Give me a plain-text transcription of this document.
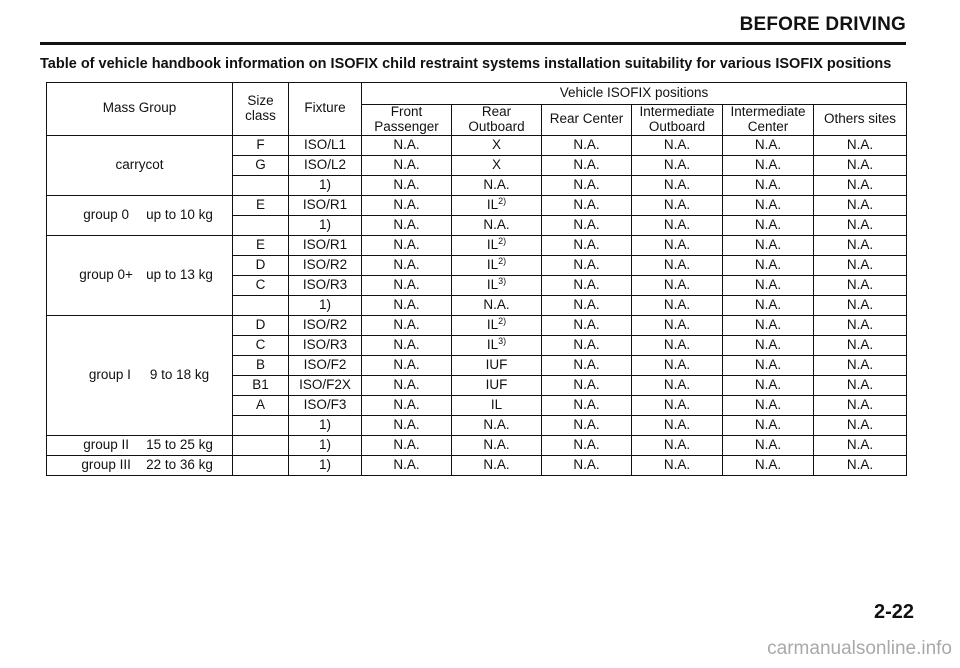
BEFORE DRIVING
Table of vehicle handbook information on ISOFIX child restraint systems installation suitability for various ISOFIX positions
Mass Group	Size class	Fixture	Vehicle ISOFIX positions					
			Front Passenger	Rear Outboard	Rear Center	Intermediate Outboard	Intermediate Center	Others sites
carrycot	F	ISO/L1	N.A.	X	N.A.	N.A.	N.A.	N.A.
	G	ISO/L2	N.A.	X	N.A.	N.A.	N.A.	N.A.
		1)	N.A.	N.A.	N.A.	N.A.	N.A.	N.A.
group 0 up to 10 kg	E	ISO/R1	N.A.	IL$^{2)}$	N.A.	N.A.	N.A.	N.A.
		1)	N.A.	N.A.	N.A.	N.A.	N.A.	N.A.
group 0+ up to 13 kg	E	ISO/R1	N.A.	IL$^{2)}$	N.A.	N.A.	N.A.	N.A.
	D	ISO/R2	N.A.	IL$^{2)}$	N.A.	N.A.	N.A.	N.A.
	C	ISO/R3	N.A.	IL$^{3)}$	N.A.	N.A.	N.A.	N.A.
		1)	N.A.	N.A.	N.A.	N.A.	N.A.	N.A.
group I 9 to 18 kg	D	ISO/R2	N.A.	IL$^{2)}$	N.A.	N.A.	N.A.	N.A.
	C	ISO/R3	N.A.	IL$^{3)}$	N.A.	N.A.	N.A.	N.A.
	B	ISO/F2	N.A.	IUF	N.A.	N.A.	N.A.	N.A.
	B1	ISO/F2X	N.A.	IUF	N.A.	N.A.	N.A.	N.A.
	A	ISO/F3	N.A.	IL	N.A.	N.A.	N.A.	N.A.
		1)	N.A.	N.A.	N.A.	N.A.	N.A.	N.A.
group II 15 to 25 kg		1)	N.A.	N.A.	N.A.	N.A.	N.A.	N.A.
group III 22 to 36 kg		1)	N.A.	N.A.	N.A.	N.A.	N.A.	N.A.
2-22
carmanualsonline.info
